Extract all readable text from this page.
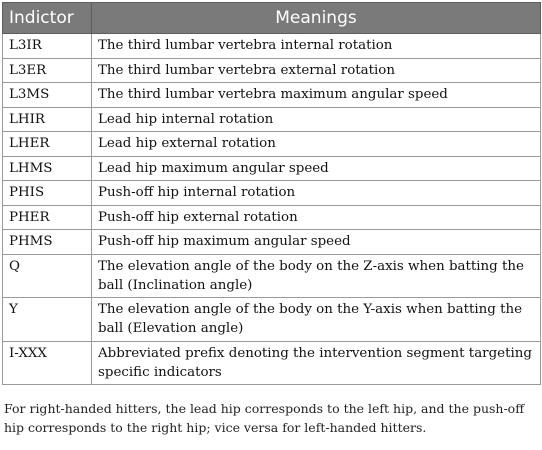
Indictor	Meanings
L3IR	The third lumbar vertebra internal rotation
L3ER	The third lumbar vertebra external rotation
L3MS	The third lumbar vertebra maximum angular speed
LHIR	Lead hip internal rotation
LHER	Lead hip external rotation
LHMS	Lead hip maximum angular speed
PHIS	Push-off hip internal rotation
PHER	Push-off hip external rotation
PHMS	Push-off hip maximum angular speed
Q	The elevation angle of the body on the Z-axis when batting the ball (Inclination angle)
Y	The elevation angle of the body on the Y-axis when batting the ball (Elevation angle)
I-XXX	Abbreviated prefix denoting the intervention segment targeting specific indicators
For right-handed hitters, the lead hip corresponds to the left hip, and the push-off hip corresponds to the right hip; vice versa for left-handed hitters.
